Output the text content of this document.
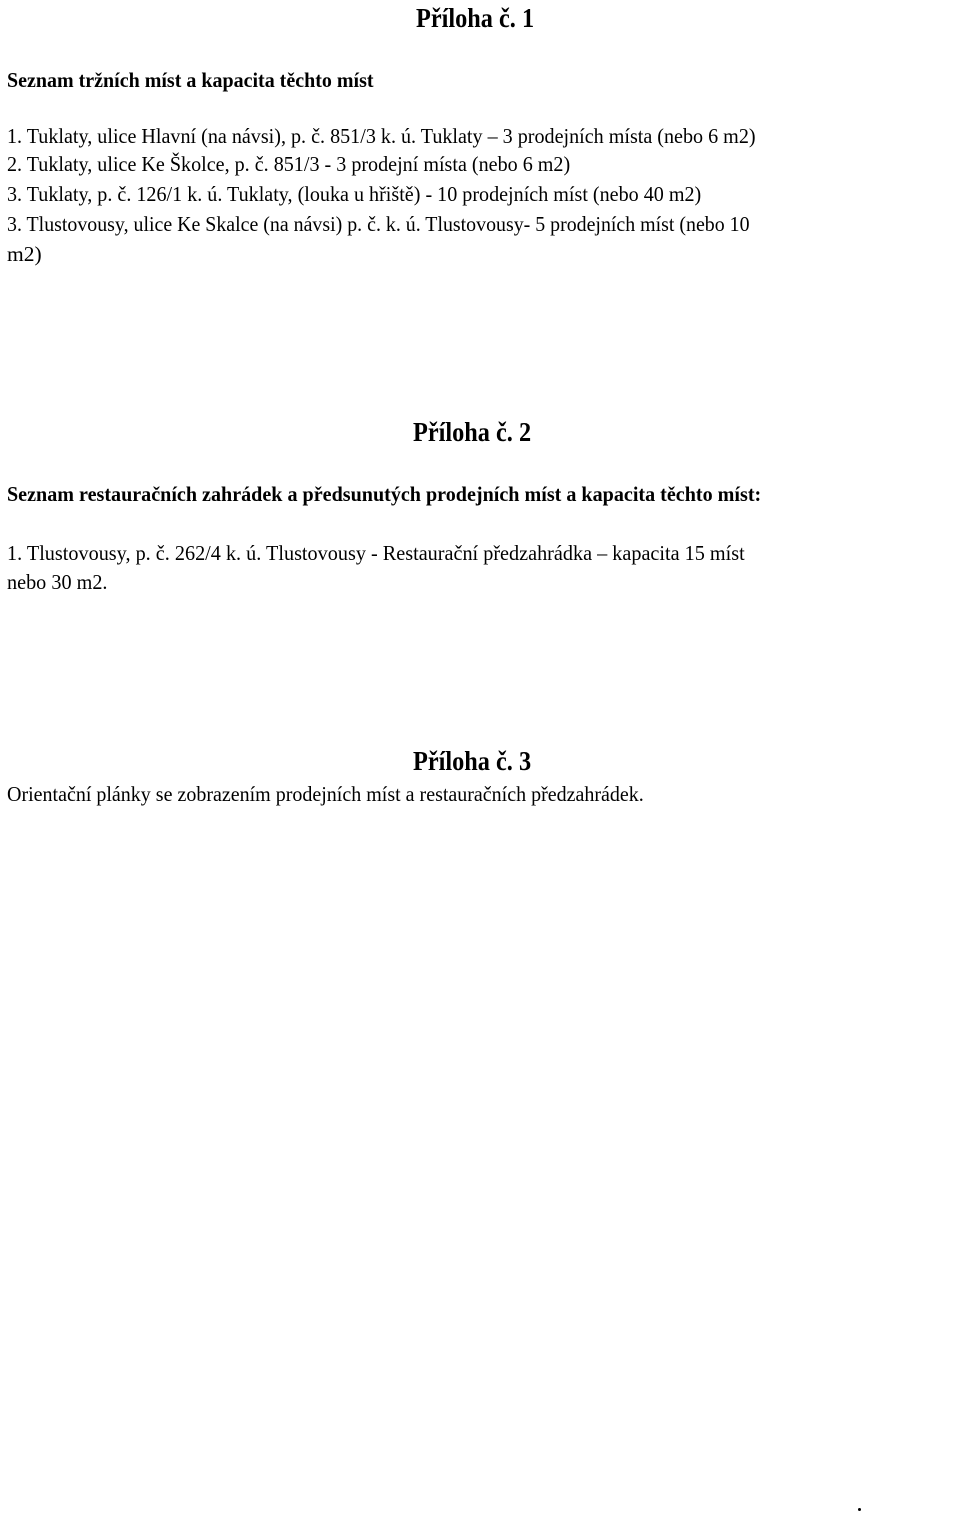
Příloha č. 1
Seznam tržních míst a kapacita těchto míst
1. Tuklaty, ulice Hlavní (na návsi), p. č. 851/3 k. ú. Tuklaty – 3 prodejních místa (nebo 6 m2)
2. Tuklaty, ulice Ke Školce, p. č. 851/3 - 3 prodejní místa (nebo 6 m2)
3. Tuklaty, p. č. 126/1 k. ú. Tuklaty, (louka u hřiště) - 10 prodejních míst (nebo 40 m2)
3. Tlustovousy, ulice Ke Skalce (na návsi) p. č. k. ú. Tlustovousy- 5 prodejních míst (nebo 10
m2)
Příloha č. 2
Seznam restauračních zahrádek a předsunutých prodejních míst a kapacita těchto míst:
1. Tlustovousy, p. č. 262/4 k. ú. Tlustovousy - Restaurační předzahrádka – kapacita 15 míst
nebo 30 m2.
Příloha č. 3
Orientační plánky se zobrazením prodejních míst a restauračních předzahrádek.
